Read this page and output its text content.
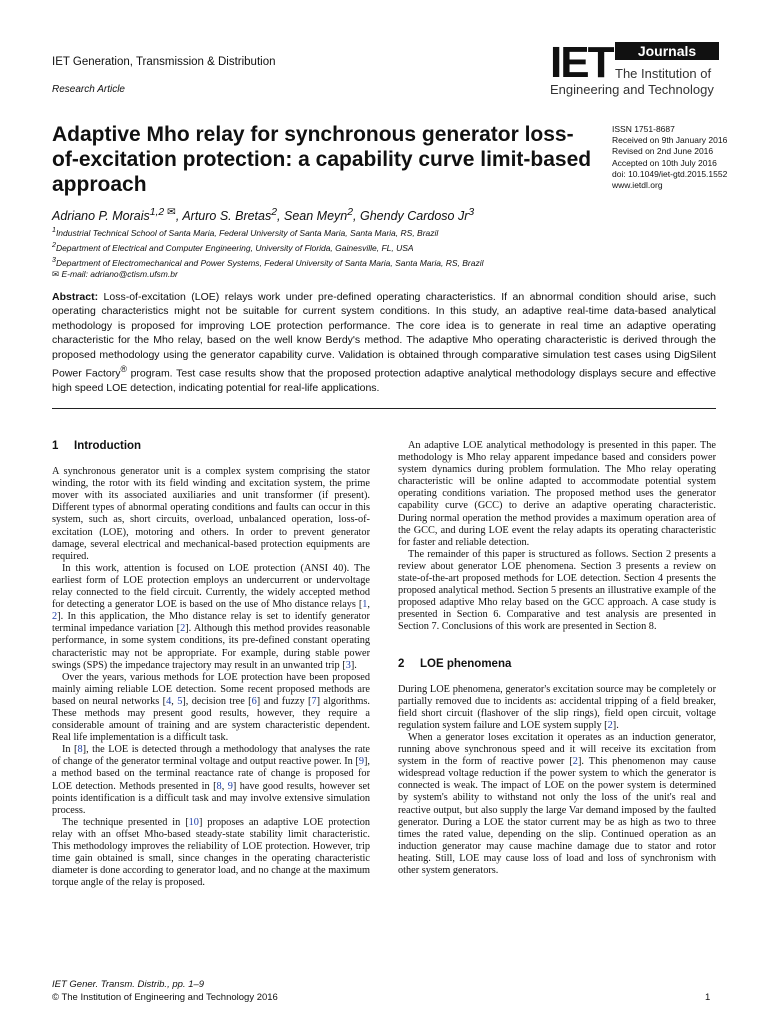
IET Generation, Transmission & Distribution
Research Article
IET	Journals
The Institution of
Engineering and Technology
Adaptive Mho relay for synchronous generator loss-of-excitation protection: a capability curve limit-based approach
ISSN 1751-8687
Received on 9th January 2016
Revised on 2nd June 2016
Accepted on 10th July 2016
doi: 10.1049/iet-gtd.2015.1552
www.ietdl.org
Adriano P. Morais$^{1,2 ✉}$, Arturo S. Bretas$^2$, Sean Meyn$^2$, Ghendy Cardoso Jr$^3$
$^1$Industrial Technical School of Santa Maria, Federal University of Santa Maria, Santa Maria, RS, Brazil
$^2$Department of Electrical and Computer Engineering, University of Florida, Gainesville, FL, USA
$^3$Department of Electromechanical and Power Systems, Federal University of Santa Maria, Santa Maria, RS, Brazil
✉ E-mail: adriano@ctism.ufsm.br

Abstract: Loss-of-excitation (LOE) relays work under pre-defined operating characteristics. If an abnormal condition should arise, such operating characteristics might not be suitable for current system conditions. In this study, an adaptive real-time data-based analytical methodology is proposed for improving LOE protection performance. The core idea is to generate in real time an adaptive operating characteristic for the Mho relay, based on the well know Berdy's method. The adaptive Mho operating characteristic is derived through the proposed methodology using the generator capability curve. Validation is obtained through comparative simulation test cases using DigSilent Power Factory® program. Test case results show that the proposed protection adaptive analytical methodology displays secure and effective high speed LOE detection, indicating potential for real-life applications.

1 Introduction

A synchronous generator unit is a complex system comprising the stator winding, the rotor with its field winding and excitation system, the prime mover with its associated auxiliaries and unit transformer (if present). Different types of abnormal operating conditions and faults can occur in this system, such as, short circuits, overload, unbalanced operation, loss-of-excitation (LOE), motoring and others. In order to prevent generator damage, several electrical and mechanical-based protection equipments are required.

In this work, attention is focused on LOE protection (ANSI 40). The earliest form of LOE protection employs an undercurrent or undervoltage relay connected to the field circuit. Currently, the widely accepted method for detecting a generator LOE is based on the use of Mho distance relays [1, 2]. In this application, the Mho distance relay is set to identify generator terminal impedance variation [2]. Although this method provides reasonable performance, in some system conditions, its pre-defined constant operating characteristic may not be appropriate. For example, during stable power swings (SPS) the impedance trajectory may result in an unwanted trip [3].

Over the years, various methods for LOE protection have been proposed mainly aiming reliable LOE detection. Some recent proposed methods are based on neural networks [4, 5], decision tree [6] and fuzzy [7] algorithms. These methods may present good results, however, they require a considerable amount of training and are system characteristic dependent. Real life implementation is a difficult task.

In [8], the LOE is detected through a methodology that analyses the rate of change of the generator terminal voltage and output reactive power. In [9], a method based on the terminal reactance rate of change is proposed for LOE detection. Methods presented in [8, 9] have good results, however set points identification is a difficult task and may involve extensive simulation process.

The technique presented in [10] proposes an adaptive LOE protection relay with an offset Mho-based steady-state stability limit characteristic. This methodology improves the reliability of LOE protection. However, trip time gain obtained is small, since changes in the operating characteristic diameter is done according to generator load, and no change at the maximum torque angle of the relay is proposed.

An adaptive LOE analytical methodology is presented in this paper. The methodology is Mho relay apparent impedance based and considers power system dynamics during problem formulation. The Mho relay operating characteristic will be online adapted to accommodate potential system operating conditions variation. The proposed method uses the generator capability curve (GCC) to derive an adaptive operating characteristic. During normal operation the method provides a maximum operation area of the GCC, and during LOE event the relay adapts its operating characteristic for faster and reliable detection.

The remainder of this paper is structured as follows. Section 2 presents a review about generator LOE phenomena. Section 3 presents a review on state-of-the-art proposed methods for LOE detection. Section 4 presents the proposed analytical method. Section 5 presents an illustrative example of the proposed adaptive Mho relay based on the GCC approach. A case study is presented in Section 6. Comparative and test analysis are presented in Section 7. Conclusions of this work are presented in Section 8.

2 LOE phenomena

During LOE phenomena, generator's excitation source may be completely or partially removed due to incidents as: accidental tripping of a field breaker, field short circuit (flashover of the slip rings), field open circuit, voltage regulation system failure and LOE system supply [2].

When a generator loses excitation it operates as an induction generator, running above synchronous speed and it will receive its excitation from system in the form of reactive power [2]. This phenomenon may cause widespread voltage reduction if the power system to which the generator is connected is weak. The impact of LOE on the power system is determined by system's ability to withstand not only the loss of the unit's real and reactive output, but also supply the large Var demand imposed by the faulted generator. During a LOE the stator current may be as high as two to three times the rated value, depending on the slip. Continued operation as an induction generator may cause machine damage due to stator and rotor heating. Still, LOE may cause loss of load and loss of synchronism with other system generators.

IET Gener. Transm. Distrib., pp. 1–9
© The Institution of Engineering and Technology 2016	1
